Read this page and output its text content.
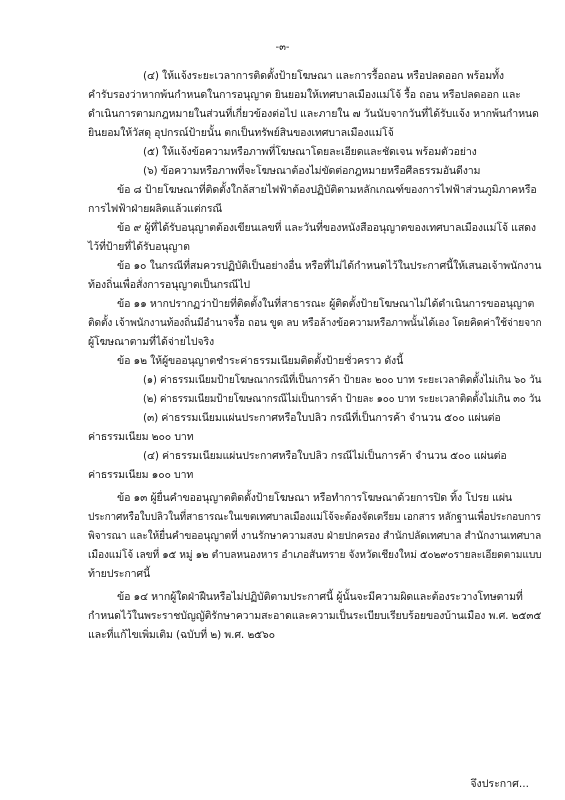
-๓-
(๔) ให้แจ้งระยะเวลาการติดตั้งป้ายโฆษณา และการรื้อถอน หรือปลดออก พร้อมทั้ง
คำรับรองว่าหากพ้นกำหนดในการอนุญาต ยินยอมให้เทศบาลเมืองแม่โจ้ รื้อ ถอน หรือปลดออก และ
ดำเนินการตามกฎหมายในส่วนที่เกี่ยวข้องต่อไป และภายใน ๗ วันนับจากวันที่ได้รับแจ้ง หากพ้นกำหนด
ยินยอมให้วัสดุ อุปกรณ์ป้ายนั้น ตกเป็นทรัพย์สินของเทศบาลเมืองแม่โจ้
(๕) ให้แจ้งข้อความหรือภาพที่โฆษณาโดยละเอียดและชัดเจน พร้อมตัวอย่าง
(๖) ข้อความหรือภาพที่จะโฆษณาต้องไม่ขัดต่อกฎหมายหรือศีลธรรมอันดีงาม
ข้อ ๘ ป้ายโฆษณาที่ติดตั้งใกล้สายไฟฟ้าต้องปฏิบัติตามหลักเกณฑ์ของการไฟฟ้าส่วนภูมิภาคหรือ
การไฟฟ้าฝ่ายผลิตแล้วแต่กรณี
ข้อ ๙ ผู้ที่ได้รับอนุญาตต้องเขียนเลขที่ และวันที่ของหนังสืออนุญาตของเทศบาลเมืองแม่โจ้ แสดง
ไว้ที่ป้ายที่ได้รับอนุญาต
ข้อ ๑๐ ในกรณีที่สมควรปฏิบัติเป็นอย่างอื่น หรือที่ไม่ได้กำหนดไว้ในประกาศนี้ให้เสนอเจ้าพนักงาน
ท้องถิ่นเพื่อสั่งการอนุญาตเป็นกรณีไป
ข้อ ๑๑ หากปรากฏว่าป้ายที่ติดตั้งในที่สาธารณะ ผู้ติดตั้งป้ายโฆษณาไม่ได้ดำเนินการขออนุญาต
ติดตั้ง เจ้าพนักงานท้องถิ่นมีอำนาจรื้อ ถอน ขูด ลบ หรือล้างข้อความหรือภาพนั้นได้เอง โดยคิดค่าใช้จ่ายจาก
ผู้โฆษณาตามที่ได้จ่ายไปจริง
ข้อ ๑๒ ให้ผู้ขออนุญาตชำระค่าธรรมเนียมติดตั้งป้ายชั่วคราว ดังนี้
(๑) ค่าธรรมเนียมป้ายโฆษณากรณีที่เป็นการค้า ป้ายละ ๒๐๐ บาท ระยะเวลาติดตั้งไม่เกิน ๖๐ วัน
(๒) ค่าธรรมเนียมป้ายโฆษณากรณีไม่เป็นการค้า ป้ายละ ๑๐๐ บาท ระยะเวลาติดตั้งไม่เกิน ๓๐ วัน
(๓) ค่าธรรมเนียมแผ่นประกาศหรือใบปลิว กรณีที่เป็นการค้า จำนวน ๕๐๐ แผ่นต่อ
ค่าธรรมเนียม ๒๐๐ บาท
(๔) ค่าธรรมเนียมแผ่นประกาศหรือใบปลิว กรณีไม่เป็นการค้า จำนวน ๕๐๐ แผ่นต่อ
ค่าธรรมเนียม ๑๐๐ บาท
ข้อ ๑๓ ผู้ยื่นคำขออนุญาตติดตั้งป้ายโฆษณา หรือทำการโฆษณาด้วยการปิด ทิ้ง โปรย แผ่น
ประกาศหรือใบปลิวในที่สาธารณะในเขตเทศบาลเมืองแม่โจ้จะต้องจัดเตรียม เอกสาร หลักฐานเพื่อประกอบการ
พิจารณา และให้ยื่นคำขออนุญาตที่ งานรักษาความสงบ ฝ่ายปกครอง สำนักปลัดเทศบาล สำนักงานเทศบาล
เมืองแม่โจ้ เลขที่ ๑๕ หมู่ ๑๒ ตำบลหนองหาร อำเภอสันทราย จังหวัดเชียงใหม่ ๕๐๒๙๐รายละเอียดตามแบบ
ท้ายประกาศนี้
ข้อ ๑๔ หากผู้ใดฝ่าฝืนหรือไม่ปฏิบัติตามประกาศนี้ ผู้นั้นจะมีความผิดและต้องระวางโทษตามที่
กำหนดไว้ในพระราชบัญญัติรักษาความสะอาดและความเป็นระเบียบเรียบร้อยของบ้านเมือง พ.ศ. ๒๕๓๕
และที่แก้ไขเพิ่มเติม (ฉบับที่ ๒) พ.ศ. ๒๕๖๐
จึงประกาศ...
